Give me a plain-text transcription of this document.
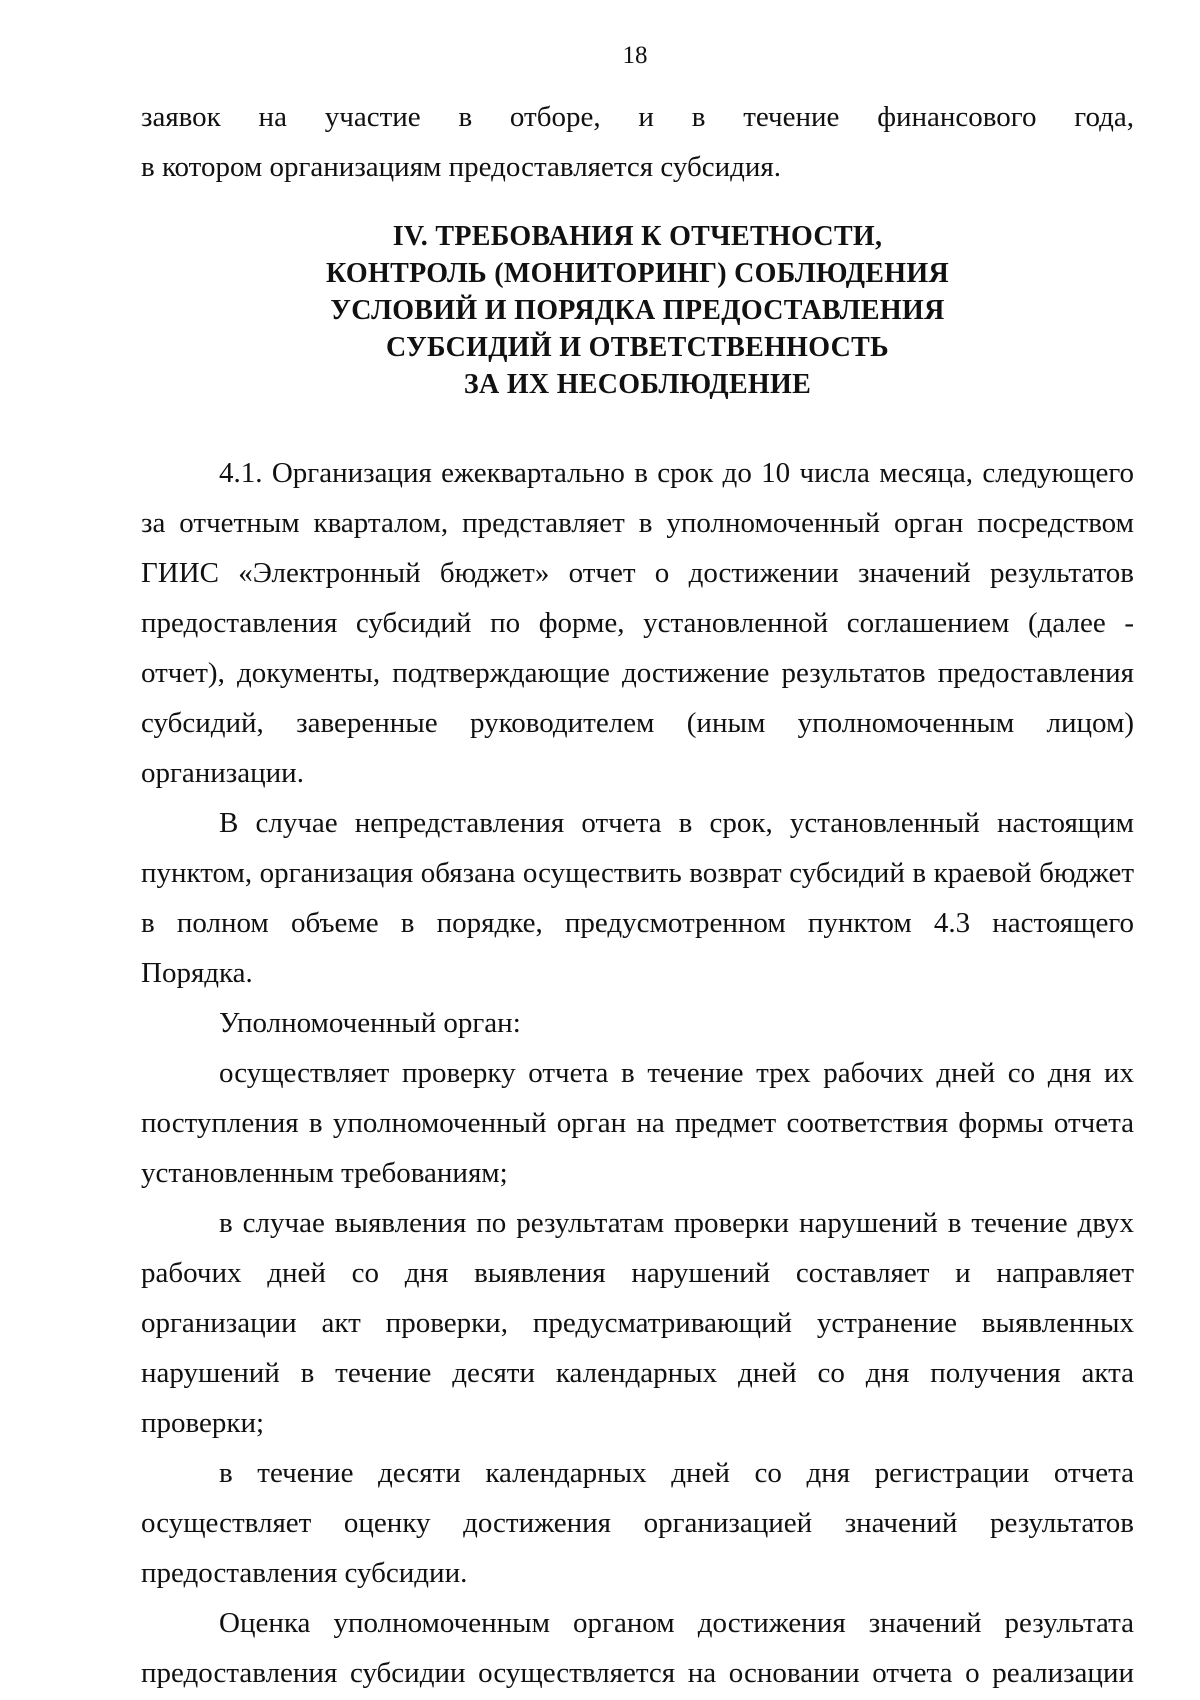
18
заявок на участие в отборе, и в течение финансового года,
в котором организациям предоставляется субсидия.
IV. ТРЕБОВАНИЯ К ОТЧЕТНОСТИ,
КОНТРОЛЬ (МОНИТОРИНГ) СОБЛЮДЕНИЯ
УСЛОВИЙ И ПОРЯДКА ПРЕДОСТАВЛЕНИЯ
СУБСИДИЙ И ОТВЕТСТВЕННОСТЬ
ЗА ИХ НЕСОБЛЮДЕНИЕ
4.1. Организация ежеквартально в срок до 10 числа месяца, следующего
за отчетным кварталом, представляет в уполномоченный орган посредством
ГИИС «Электронный бюджет» отчет о достижении значений результатов
предоставления субсидий по форме, установленной соглашением (далее -
отчет), документы, подтверждающие достижение результатов предоставления
субсидий, заверенные руководителем (иным уполномоченным лицом)
организации.
В случае непредставления отчета в срок, установленный настоящим
пунктом, организация обязана осуществить возврат субсидий в краевой бюджет
в полном объеме в порядке, предусмотренном пунктом 4.3 настоящего
Порядка.
Уполномоченный орган:
осуществляет проверку отчета в течение трех рабочих дней со дня их
поступления в уполномоченный орган на предмет соответствия формы отчета
установленным требованиям;
в случае выявления по результатам проверки нарушений в течение двух
рабочих дней со дня выявления нарушений составляет и направляет
организации акт проверки, предусматривающий устранение выявленных
нарушений в течение десяти календарных дней со дня получения акта
проверки;
в течение десяти календарных дней со дня регистрации отчета
осуществляет оценку достижения организацией значений результатов
предоставления субсидии.
Оценка уполномоченным органом достижения значений результата
предоставления субсидии осуществляется на основании отчета о реализации
